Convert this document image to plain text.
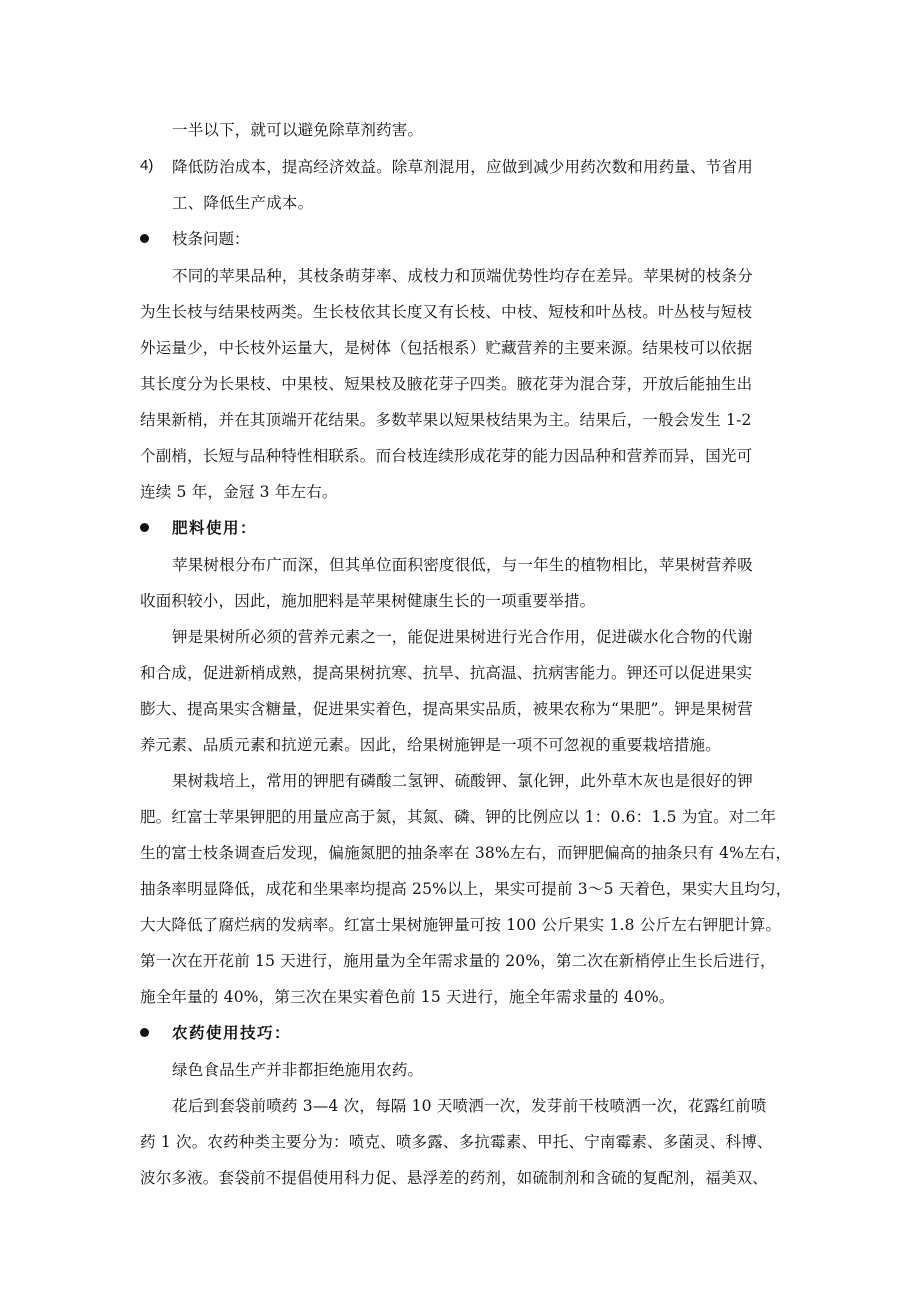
一半以下，就可以避免除草剂药害。
4) 降低防治成本，提高经济效益。除草剂混用，应做到减少用药次数和用药量、节省用
工、降低生产成本。
枝条问题：
不同的苹果品种，其枝条萌芽率、成枝力和顶端优势性均存在差异。苹果树的枝条分
为生长枝与结果枝两类。生长枝依其长度又有长枝、中枝、短枝和叶丛枝。叶丛枝与短枝
外运量少，中长枝外运量大，是树体（包括根系）贮藏营养的主要来源。结果枝可以依据
其长度分为长果枝、中果枝、短果枝及腋花芽子四类。腋花芽为混合芽，开放后能抽生出
结果新梢，并在其顶端开花结果。多数苹果以短果枝结果为主。结果后，一般会发生 1-2
个副梢，长短与品种特性相联系。而台枝连续形成花芽的能力因品种和营养而异，国光可
连续 5 年，金冠 3 年左右。
肥料使用：
苹果树根分布广而深，但其单位面积密度很低，与一年生的植物相比，苹果树营养吸
收面积较小，因此，施加肥料是苹果树健康生长的一项重要举措。
钾是果树所必须的营养元素之一，能促进果树进行光合作用，促进碳水化合物的代谢
和合成，促进新梢成熟，提高果树抗寒、抗旱、抗高温、抗病害能力。钾还可以促进果实
膨大、提高果实含糖量，促进果实着色，提高果实品质，被果农称为“果肥”。钾是果树营
养元素、品质元素和抗逆元素。因此，给果树施钾是一项不可忽视的重要栽培措施。
果树栽培上，常用的钾肥有磷酸二氢钾、硫酸钾、氯化钾，此外草木灰也是很好的钾
肥。红富士苹果钾肥的用量应高于氮，其氮、磷、钾的比例应以 1：0.6：1.5 为宜。对二年
生的富士枝条调查后发现，偏施氮肥的抽条率在 38%左右，而钾肥偏高的抽条只有 4%左右，
抽条率明显降低，成花和坐果率均提高 25%以上，果实可提前 3～5 天着色，果实大且均匀，
大大降低了腐烂病的发病率。红富士果树施钾量可按 100 公斤果实 1.8 公斤左右钾肥计算。
第一次在开花前 15 天进行，施用量为全年需求量的 20%，第二次在新梢停止生长后进行，
施全年量的 40%，第三次在果实着色前 15 天进行，施全年需求量的 40%。
农药使用技巧：
绿色食品生产并非都拒绝施用农药。
花后到套袋前喷药 3—4 次，每隔 10 天喷洒一次，发芽前干枝喷洒一次，花露红前喷
药 1 次。农药种类主要分为：喷克、喷多露、多抗霉素、甲托、宁南霉素、多菌灵、科博、
波尔多液。套袋前不提倡使用科力促、悬浮差的药剂，如硫制剂和含硫的复配剂，福美双、
